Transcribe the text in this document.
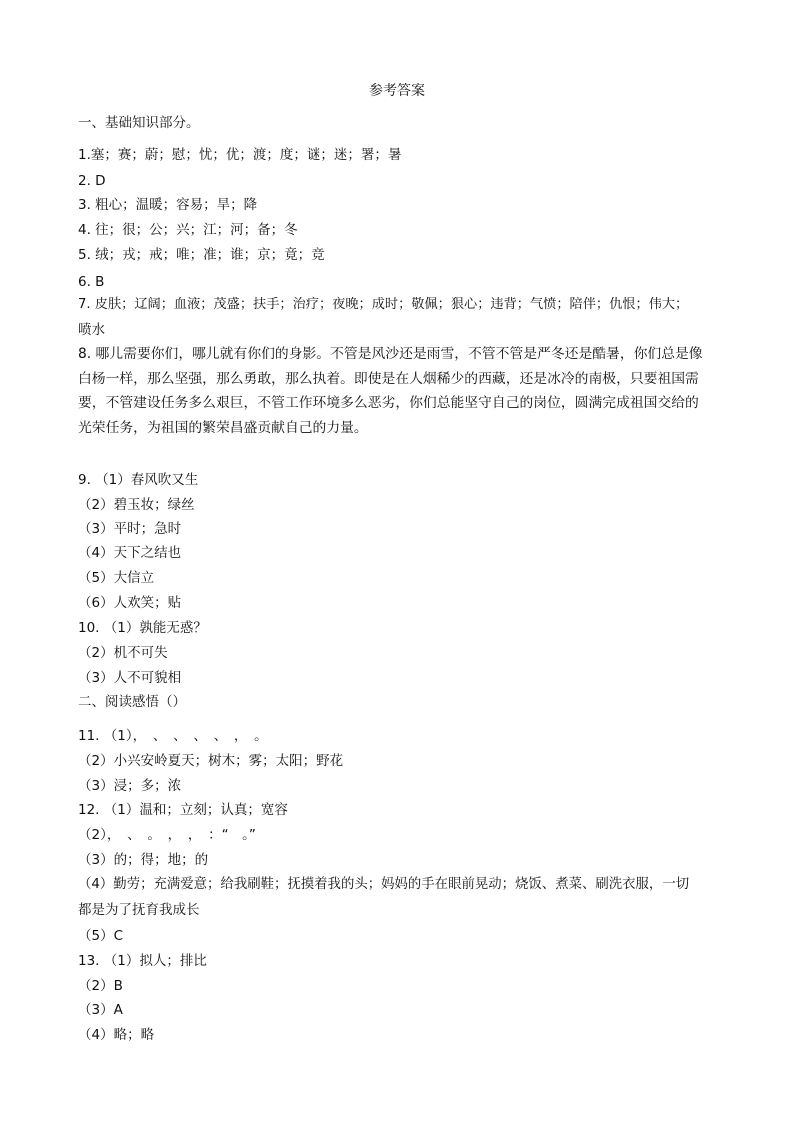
参考答案
一、基础知识部分。
1.塞；赛；蔚；慰；忧；优；渡；度；谜；迷；署；暑
2. D
3. 粗心；温暖；容易；旱；降
4. 往；很；公；兴；江；河；备；冬
5. 绒；戎；戒；唯；准；谁；京；竟；竞
6. B
7. 皮肤；辽阔；血液；茂盛；扶手；治疗；夜晚；成时；敬佩；狠心；违背；气愤；陪伴；仇恨；伟大；
喷水
8. 哪儿需要你们，哪儿就有你们的身影。不管是风沙还是雨雪，不管不管是严冬还是酷暑，你们总是像
白杨一样，那么坚强，那么勇敢，那么执着。即使是在人烟稀少的西藏，还是冰冷的南极，只要祖国需
要，不管建设任务多么艰巨，不管工作环境多么恶劣，你们总能坚守自己的岗位，圆满完成祖国交给的
光荣任务，为祖国的繁荣昌盛贡献自己的力量。
9. （1）春风吹又生
（2）碧玉妆；绿丝
（3）平时；急时
（4）天下之结也
（5）大信立
（6）人欢笑；贴
10. （1）孰能无惑？
（2）机不可失
（3）人不可貌相
二、阅读感悟（）
11. （1），　、　、　、　、　，　。
（2）小兴安岭夏天；树木；雾；太阳；野花
（3）浸；多；浓
12. （1）温和；立刻；认真；宽容
（2），　、　。　，　，　：“　。”
（3）的；得；地；的
（4）勤劳；充满爱意；给我刷鞋；抚摸着我的头；妈妈的手在眼前晃动；烧饭、煮菜、刷洗衣服，一切
都是为了抚育我成长
（5）C
13. （1）拟人；排比
（2）B
（3）A
（4）略；略
